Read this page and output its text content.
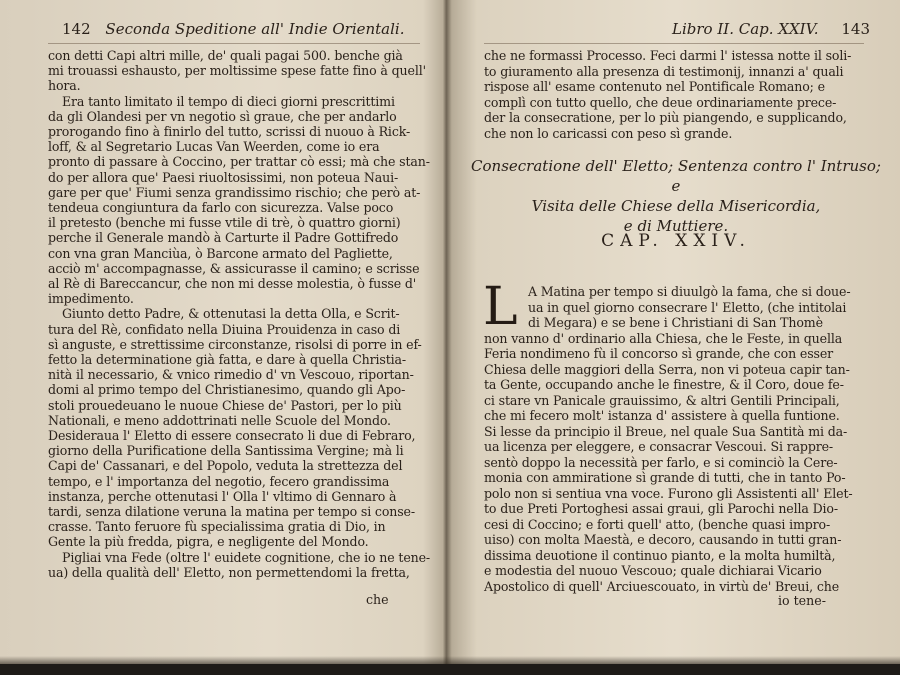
142 Seconda Speditione all' Indie Orientali.
con detti Capi altri mille, de' quali pagai 500. benche già
mi trouassi eshausto, per moltissime spese fatte fino à quell'
hora.
Era tanto limitato il tempo di dieci giorni prescrittimi
da gli Olandesi per vn negotio sì graue, che per andarlo
prorogando fino à finirlo del tutto, scrissi di nuouo à Rick-
loff, & al Segretario Lucas Van Weerden, come io era
pronto di passare à Coccino, per trattar cò essi; mà che stan-
do per allora que' Paesi riuoltosissimi, non poteua Naui-
gare per que' Fiumi senza grandissimo rischio; che però at-
tendeua congiuntura da farlo con sicurezza. Valse poco
il pretesto (benche mi fusse vtile di trè, ò quattro giorni)
perche il Generale mandò à Carturte il Padre Gottifredo
con vna gran Manciùa, ò Barcone armato del Pagliette,
acciò m' accompagnasse, & assicurasse il camino; e scrisse
al Rè di Bareccancur, che non mi desse molestia, ò fusse d'
impedimento.
Giunto detto Padre, & ottenutasi la detta Olla, e Scrit-
tura del Rè, confidato nella Diuina Prouidenza in caso di
sì anguste, e strettissime circonstanze, risolsi di porre in ef-
fetto la determinatione già fatta, e dare à quella Christia-
nità il necessario, & vnico rimedio d' vn Vescouo, riportan-
domi al primo tempo del Christianesimo, quando gli Apo-
stoli prouedeuano le nuoue Chiese de' Pastori, per lo più
Nationali, e meno addottrinati nelle Scuole del Mondo.
Desideraua l' Eletto di essere consecrato li due di Febraro,
giorno della Purificatione della Santissima Vergine; mà li
Capi de' Cassanari, e del Popolo, veduta la strettezza del
tempo, e l' importanza del negotio, fecero grandissima
instanza, perche ottenutasi l' Olla l' vltimo di Gennaro à
tardi, senza dilatione veruna la matina per tempo si conse-
crasse. Tanto feruore fù specialissima gratia di Dio, in
Gente la più fredda, pigra, e negligente del Mondo.
Pigliai vna Fede (oltre l' euidete cognitione, che io ne tene-
ua) della qualità dell' Eletto, non permettendomi la fretta,
che
Libro II. Cap. XXIV. 143
che ne formassi Processo. Feci darmi l' istessa notte il soli-
to giuramento alla presenza di testimonij, innanzi a' quali
rispose all' esame contenuto nel Pontificale Romano; e
complì con tutto quello, che deue ordinariamente prece-
der la consecratione, per lo più piangendo, e supplicando,
che non lo caricassi con peso sì grande.
Consecratione dell' Eletto; Sentenza contro l' Intruso; e
Visita delle Chiese della Misericordia,
e di Muttiere.
CAP. XXIV.
L A Matina per tempo si diuulgò la fama, che si doue-
ua in quel giorno consecrare l' Eletto, (che intitolai
di Megara) e se bene i Christiani di San Thomè
non vanno d' ordinario alla Chiesa, che le Feste, in quella
Feria nondimeno fù il concorso sì grande, che con esser
Chiesa delle maggiori della Serra, non vi poteua capir tan-
ta Gente, occupando anche le finestre, & il Coro, doue fe-
ci stare vn Panicale grauissimo, & altri Gentili Principali,
che mi fecero molt' istanza d' assistere à quella funtione.
Si lesse da principio il Breue, nel quale Sua Santità mi da-
ua licenza per eleggere, e consacrar Vescoui. Si rappre-
sentò doppo la necessità per farlo, e si cominciò la Cere-
monia con ammiratione sì grande di tutti, che in tanto Po-
polo non si sentiua vna voce. Furono gli Assistenti all' Elet-
to due Preti Portoghesi assai graui, gli Parochi nella Dio-
cesi di Coccino; e forti quell' atto, (benche quasi impro-
uiso) con molta Maestà, e decoro, causando in tutti gran-
dissima deuotione il continuo pianto, e la molta humiltà,
e modestia del nuouo Vescouo; quale dichiarai Vicario
Apostolico di quell' Arciuescouato, in virtù de' Breui, che
io tene-
